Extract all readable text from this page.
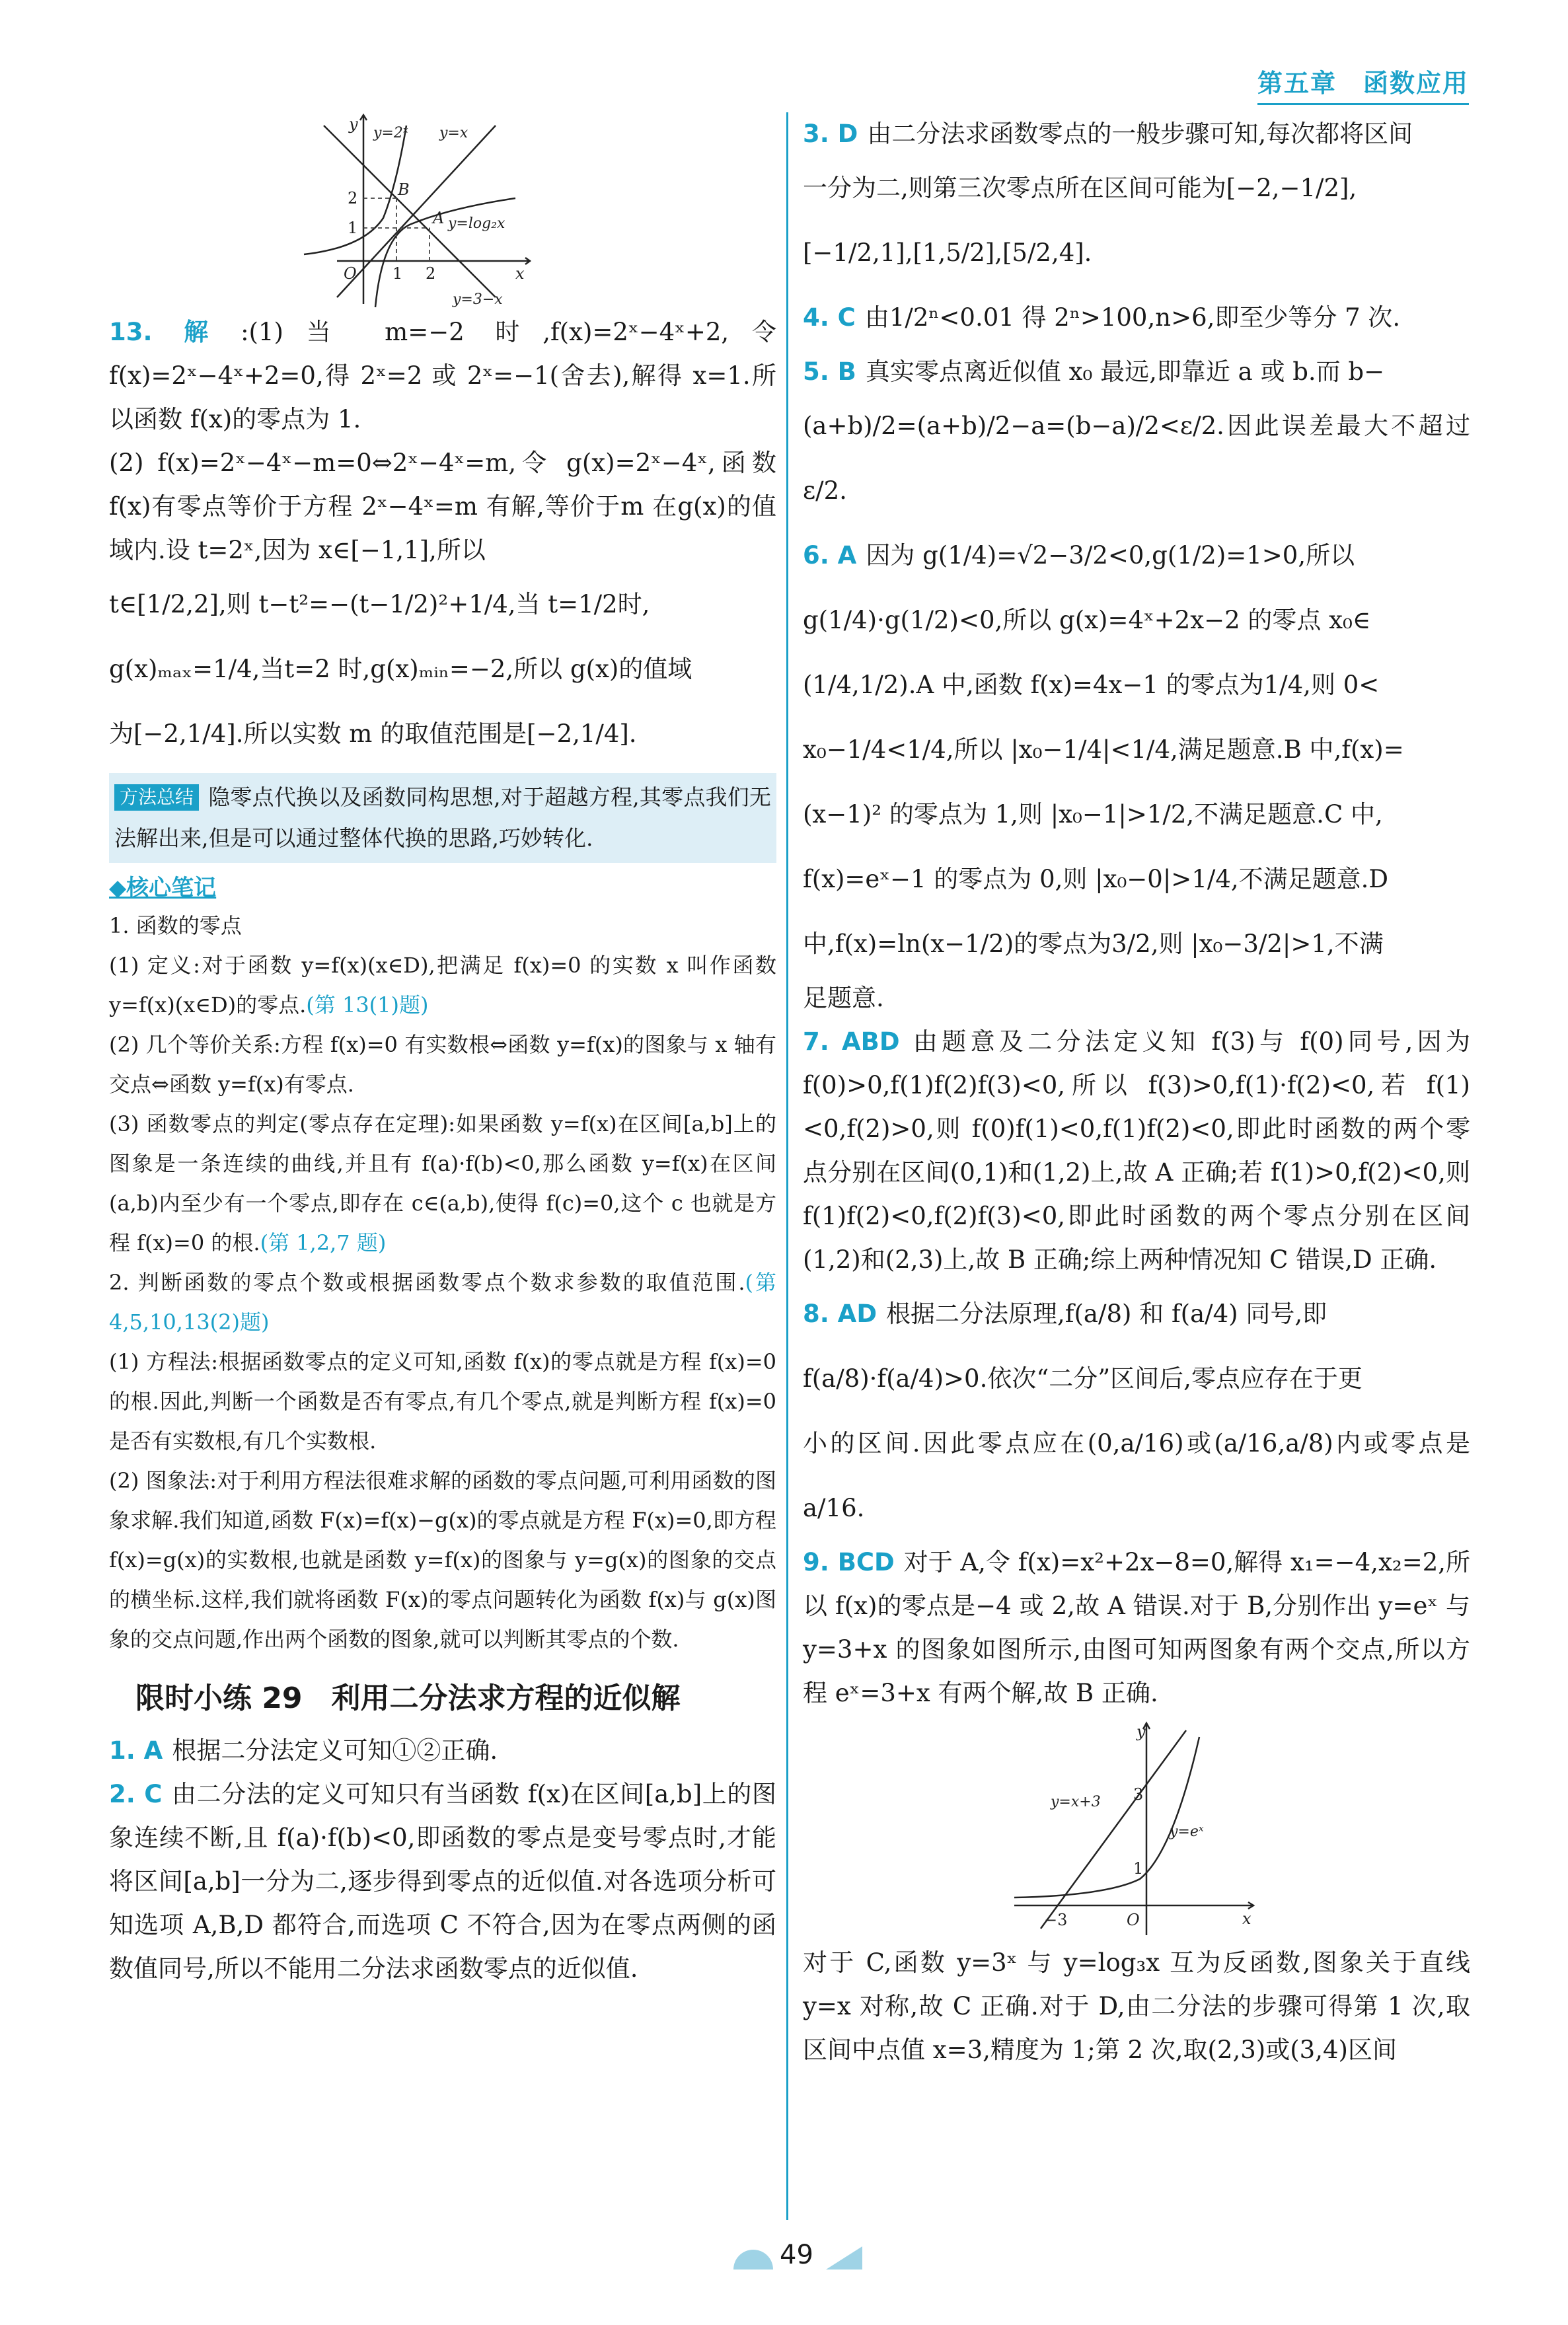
第五章　函数应用
y
x
O
y=2ˣ y=x
y=log₂x
y=3−x
B
A
2
1
1 2

13. 解 :(1)当 m=−2 时,f(x)=2ˣ−4ˣ+2,令 f(x)=2ˣ−4ˣ+2=0,得 2ˣ=2 或 2ˣ=−1(舍去),解得 x=1.所以函数 f(x)的零点为 1.

(2) f(x)=2ˣ−4ˣ−m=0⇔2ˣ−4ˣ=m,令 g(x)=2ˣ−4ˣ,函数 f(x)有零点等价于方程 2ˣ−4ˣ=m 有解,等价于m 在g(x)的值域内.设 t=2ˣ,因为 x∈[−1,1],所以

t∈[1/2,2],则 t−t²=−(t−1/2)²+1/4,当 t=1/2时,

g(x)ₘₐₓ=1/4,当t=2 时,g(x)ₘᵢₙ=−2,所以 g(x)的值域

为[−2,1/4].所以实数 m 的取值范围是[−2,1/4].

方法总结 隐零点代换以及函数同构思想,对于超越方程,其零点我们无法解出来,但是可以通过整体代换的思路,巧妙转化.

◆核心笔记

1. 函数的零点

(1) 定义:对于函数 y=f(x)(x∈D),把满足 f(x)=0 的实数 x 叫作函数 y=f(x)(x∈D)的零点.(第 13(1)题)

(2) 几个等价关系:方程 f(x)=0 有实数根⇔函数 y=f(x)的图象与 x 轴有交点⇔函数 y=f(x)有零点.

(3) 函数零点的判定(零点存在定理):如果函数 y=f(x)在区间[a,b]上的图象是一条连续的曲线,并且有 f(a)·f(b)<0,那么函数 y=f(x)在区间(a,b)内至少有一个零点,即存在 c∈(a,b),使得 f(c)=0,这个 c 也就是方程 f(x)=0 的根.(第 1,2,7 题)

2. 判断函数的零点个数或根据函数零点个数求参数的取值范围.(第 4,5,10,13(2)题)

(1) 方程法:根据函数零点的定义可知,函数 f(x)的零点就是方程 f(x)=0 的根.因此,判断一个函数是否有零点,有几个零点,就是判断方程 f(x)=0 是否有实数根,有几个实数根.

(2) 图象法:对于利用方程法很难求解的函数的零点问题,可利用函数的图象求解.我们知道,函数 F(x)=f(x)−g(x)的零点就是方程 F(x)=0,即方程 f(x)=g(x)的实数根,也就是函数 y=f(x)的图象与 y=g(x)的图象的交点的横坐标.这样,我们就将函数 F(x)的零点问题转化为函数 f(x)与 g(x)图象的交点问题,作出两个函数的图象,就可以判断其零点的个数.

限时小练 29　利用二分法求方程的近似解

1. A 根据二分法定义可知①②正确.

2. C 由二分法的定义可知只有当函数 f(x)在区间[a,b]上的图象连续不断,且 f(a)·f(b)<0,即函数的零点是变号零点时,才能将区间[a,b]一分为二,逐步得到零点的近似值.对各选项分析可知选项 A,B,D 都符合,而选项 C 不符合,因为在零点两侧的函数值同号,所以不能用二分法求函数零点的近似值.

3. D 由二分法求函数零点的一般步骤可知,每次都将区间

一分为二,则第三次零点所在区间可能为[−2,−1/2],

[−1/2,1],[1,5/2],[5/2,4].

4. C 由1/2ⁿ<0.01 得 2ⁿ>100,n>6,即至少等分 7 次.

5. B 真实零点离近似值 x₀ 最远,即靠近 a 或 b.而 b−

(a+b)/2=(a+b)/2−a=(b−a)/2<ε/2.因此误差最大不超过ε/2.

6. A 因为 g(1/4)=√2−3/2<0,g(1/2)=1>0,所以

g(1/4)·g(1/2)<0,所以 g(x)=4ˣ+2x−2 的零点 x₀∈

(1/4,1/2).A 中,函数 f(x)=4x−1 的零点为1/4,则 0<

x₀−1/4<1/4,所以 |x₀−1/4|<1/4,满足题意.B 中,f(x)=

(x−1)² 的零点为 1,则 |x₀−1|>1/2,不满足题意.C 中,

f(x)=eˣ−1 的零点为 0,则 |x₀−0|>1/4,不满足题意.D

中,f(x)=ln(x−1/2)的零点为3/2,则 |x₀−3/2|>1,不满

足题意.

7. ABD 由题意及二分法定义知 f(3)与 f(0)同号,因为 f(0)>0,f(1)f(2)f(3)<0,所以 f(3)>0,f(1)·f(2)<0,若 f(1)<0,f(2)>0,则 f(0)f(1)<0,f(1)f(2)<0,即此时函数的两个零点分别在区间(0,1)和(1,2)上,故 A 正确;若 f(1)>0,f(2)<0,则 f(1)f(2)<0,f(2)f(3)<0,即此时函数的两个零点分别在区间(1,2)和(2,3)上,故 B 正确;综上两种情况知 C 错误,D 正确.

8. AD 根据二分法原理,f(a/8) 和 f(a/4) 同号,即

f(a/8)·f(a/4)>0.依次“二分”区间后,零点应存在于更

小的区间.因此零点应在(0,a/16)或(a/16,a/8)内或零点是a/16.

9. BCD 对于 A,令 f(x)=x²+2x−8=0,解得 x₁=−4,x₂=2,所以 f(x)的零点是−4 或 2,故 A 错误.对于 B,分别作出 y=eˣ 与 y=3+x 的图象如图所示,由图可知两图象有两个交点,所以方程 eˣ=3+x 有两个解,故 B 正确.

y
x
O
y=x+3
y=eˣ
3
1
−3

对于 C,函数 y=3ˣ 与 y=log₃x 互为反函数,图象关于直线 y=x 对称,故 C 正确.对于 D,由二分法的步骤可得第 1 次,取区间中点值 x=3,精度为 1;第 2 次,取(2,3)或(3,4)区间

49
